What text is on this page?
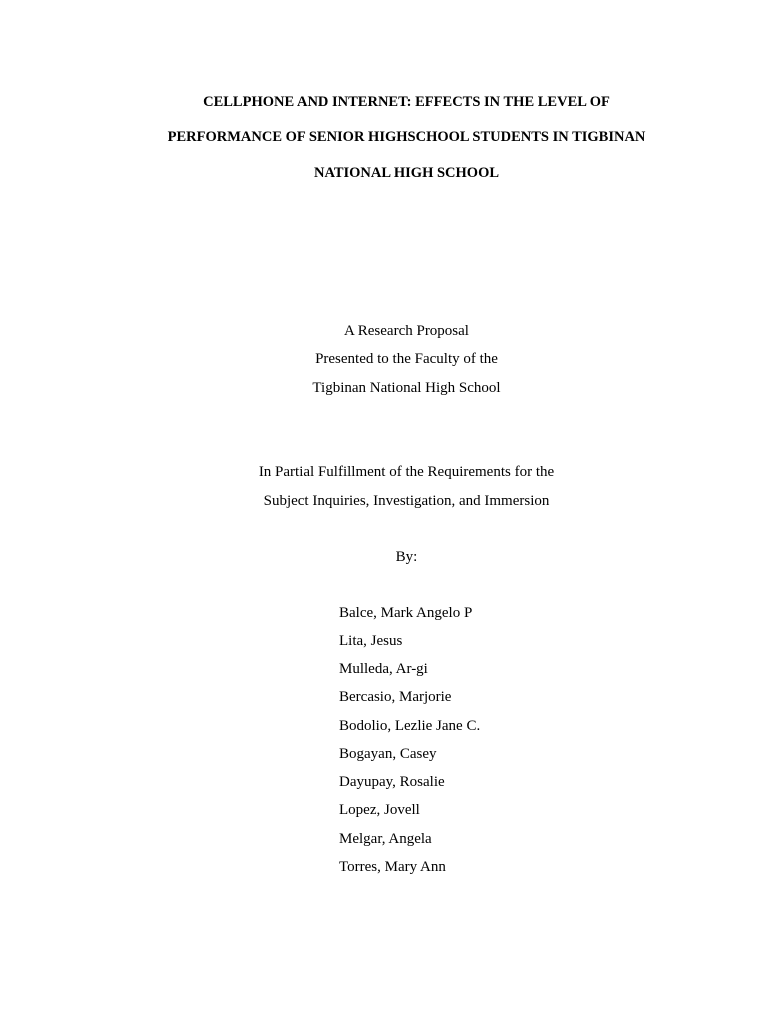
CELLPHONE AND INTERNET: EFFECTS IN THE LEVEL OF
PERFORMANCE OF SENIOR HIGHSCHOOL STUDENTS IN TIGBINAN
NATIONAL HIGH SCHOOL
A Research Proposal
Presented to the Faculty of the
Tigbinan National High School
In Partial Fulfillment of the Requirements for the
Subject Inquiries, Investigation, and Immersion
By:
Balce, Mark Angelo P
Lita, Jesus
Mulleda, Ar-gi
Bercasio, Marjorie
Bodolio, Lezlie Jane C.
Bogayan, Casey
Dayupay, Rosalie
Lopez, Jovell
Melgar, Angela
Torres, Mary Ann
